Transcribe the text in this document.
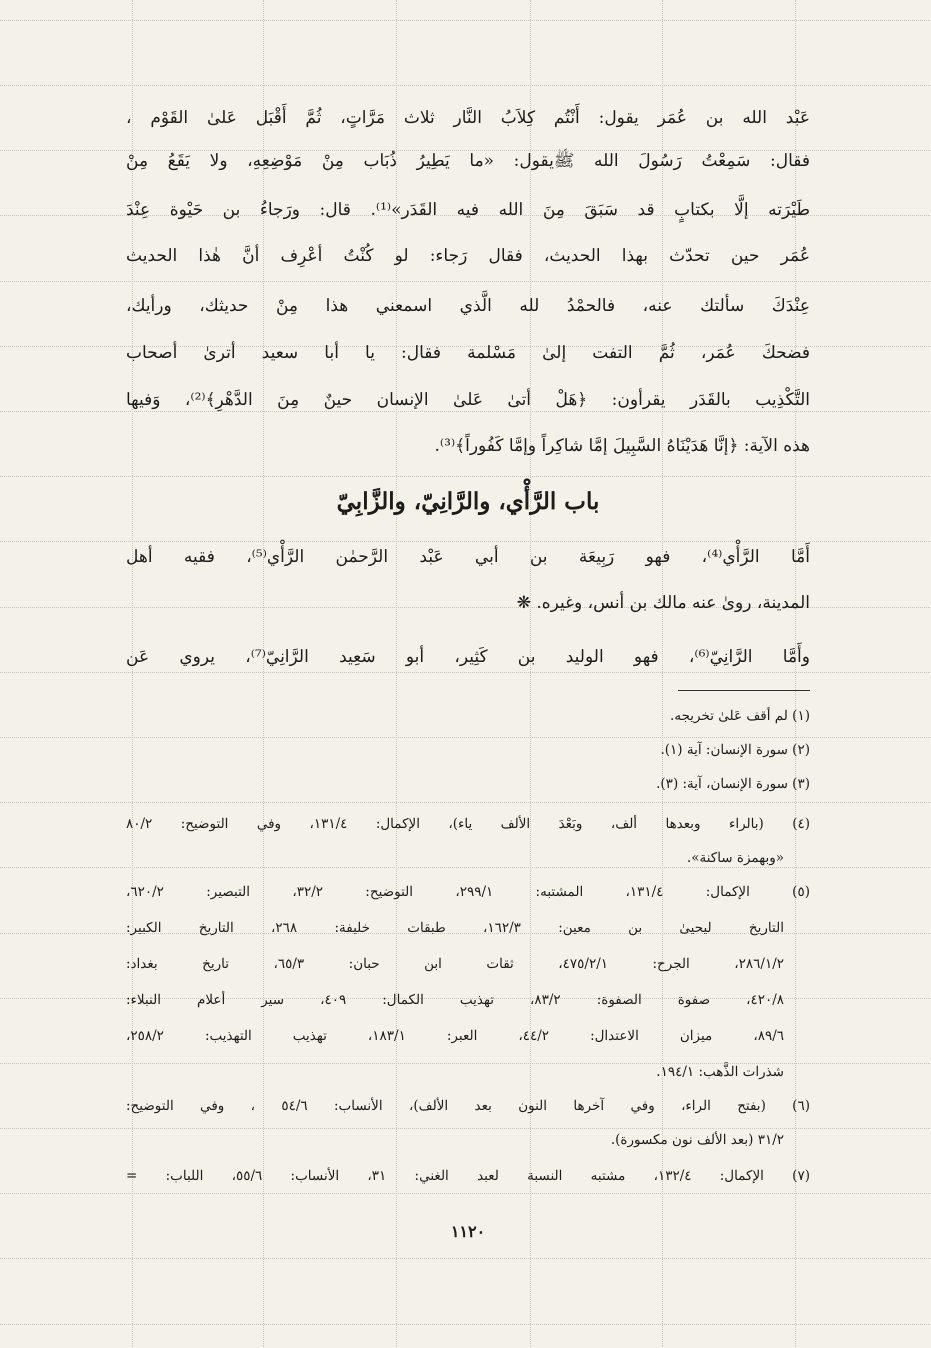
عَبْد الله بن عُمَر يقول: أَنْتُم كِلاَبُ النَّار ثلاث مَرَّاتٍ، ثُمَّ أَقْبَل عَلىٰ القَوْم ،
فقال: سَمِعْتُ رَسُولَ الله ﷺيقول: «ما يَطِيرُ ذُبَاب مِنْ مَوْضِعِهِ، ولا يَقَعُ مِنْ
طَيْرَته إلَّا بكتابٍ قد سَبَقَ مِنَ الله فيه القَدَر»⁽¹⁾. قال: ورَجاءُ بن حَيْوة عِنْدَ
عُمَر حين تحدّث بهذا الحديث، فقال رَجاء: لو كُنْتُ أعْرِف أنَّ هٰذا الحديث
عِنْدَكَ سألتك عنه، فالحمْدُ لله الَّذي اسمعني هذا مِنْ حديثك، ورأيك،
فضحكَ عُمَر، ثُمَّ التفت إلىٰ مَسْلمة فقال: يا أبا سعيد أترىٰ أصحاب
التَّكْذِيب بالقَدَر يقرأون: ﴿هَلْ أتىٰ عَلىٰ الإنسان حينٌ مِنَ الدَّهْرِ﴾⁽²⁾، وَفيها
هذه الآية: ﴿إنَّا هَدَيْنَاهُ السَّبِيلَ إمَّا شاكِراً وإمَّا كَفُوراً﴾⁽³⁾.
باب الرَّأْي، والرَّانِيّ، والزَّابِيّ
أَمَّا الرَّأْي⁽⁴⁾، فهو رَبِيعَة بن أبي عَبْد الرَّحمٰن الرَّأْي⁽⁵⁾، فقيه أهل
المدينة، روىٰ عنه مالك بن أنس، وغيره. ❋
وأَمَّا الرَّانِيّ⁽⁶⁾، فهو الوليد بن كَثِير، أبو سَعِيد الرَّانِيّ⁽⁷⁾، يروي عَن
(١) لم أقف عَلىٰ تخريجه.
(٢) سورة الإنسان: آية (١).
(٣) سورة الإنسان، آية: (٣).
(٤) (بالراء وبعدها ألف، وبَعْدَ الألف ياء)، الإكمال: ١٣١/٤، وفي التوضيح: ٨٠/٢
«وبهمزة ساكنة».
(٥) الإكمال: ١٣١/٤، المشتبه: ٢٩٩/١، التوضيح: ٣٢/٢، التبصير: ٦٢٠/٢،
التاريخ ليحيىٰ بن معين: ١٦٢/٣، طبقات خليفة: ٢٦٨، التاريخ الكبير:
٢٨٦/١/٢، الجرح: ٤٧٥/٢/١، ثقات ابن حبان: ٦٥/٣، تاريخ بغداد:
٤٢٠/٨، صفوة الصفوة: ٨٣/٢، تهذيب الكمال: ٤٠٩، سير أعلام النبلاء:
٨٩/٦، ميزان الاعتدال: ٤٤/٢، العبر: ١٨٣/١، تهذيب التهذيب: ٢٥٨/٢،
شذرات الذَّهب: ١٩٤/١.
(٦) (بفتح الراء، وفي آخرها النون بعد الألف)، الأنساب: ٥٤/٦ ، وفي التوضيح:
٣١/٢ (بعد الألف نون مكسورة).
(٧) الإكمال: ١٣٢/٤، مشتبه النسبة لعبد الغني: ٣١، الأنساب: ٥٥/٦، اللباب: =
١١٢٠
